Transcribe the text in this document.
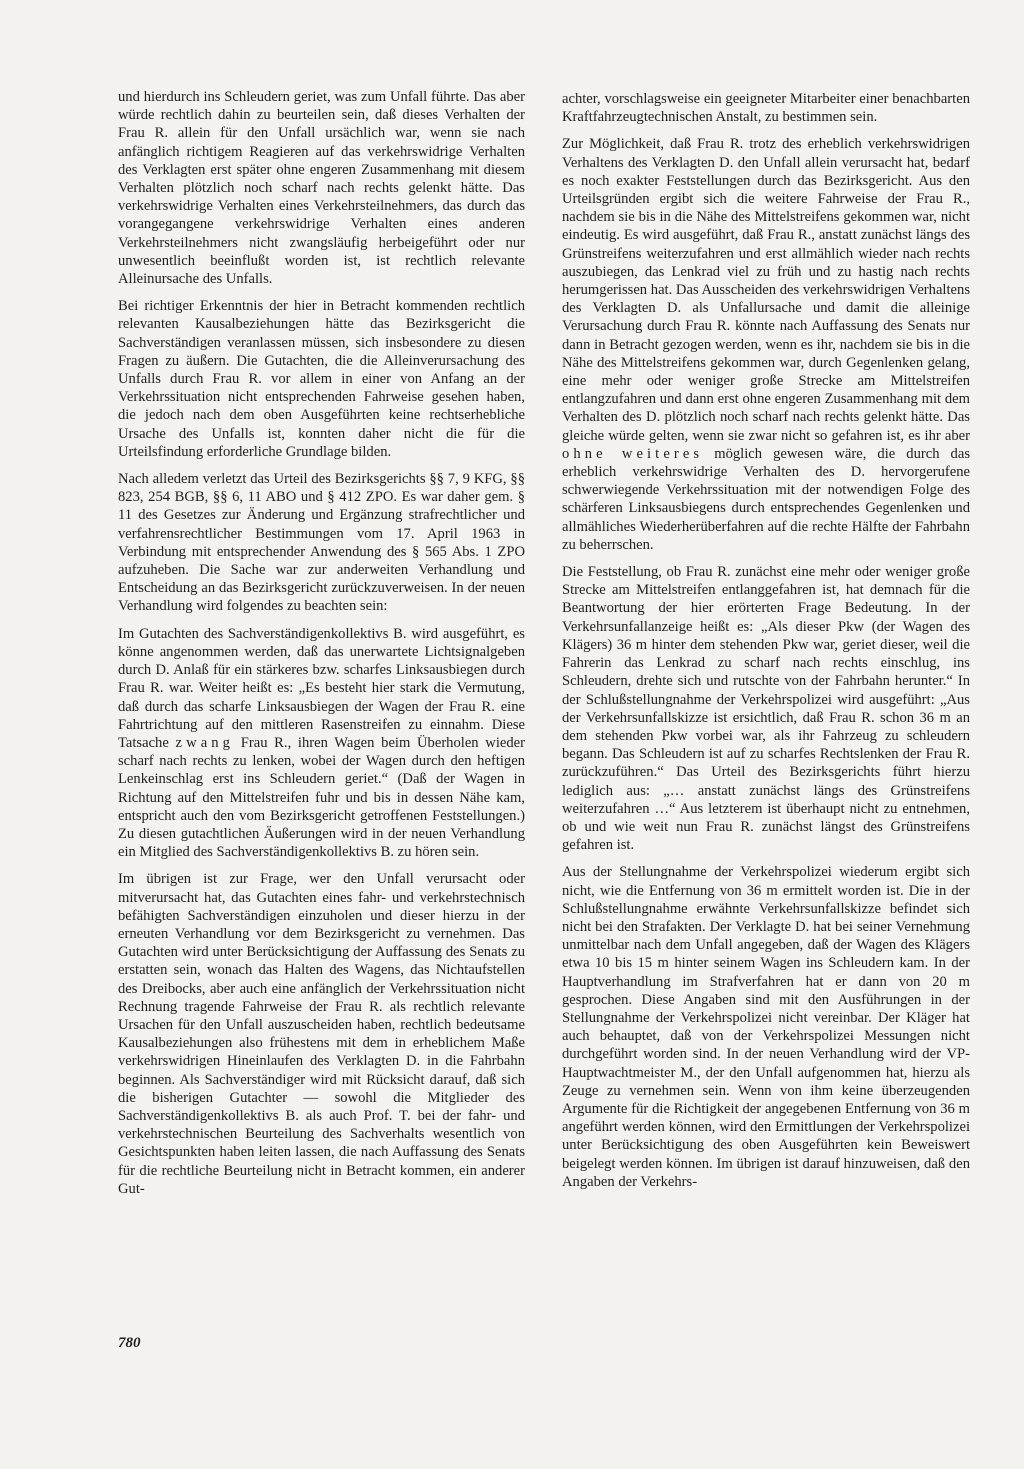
und hierdurch ins Schleudern geriet, was zum Unfall führte. Das aber würde rechtlich dahin zu beurteilen sein, daß dieses Verhalten der Frau R. allein für den Unfall ursächlich war, wenn sie nach anfänglich richtigem Reagieren auf das verkehrswidrige Verhalten des Verklagten erst später ohne engeren Zusammenhang mit diesem Verhalten plötzlich noch scharf nach rechts gelenkt hätte. Das verkehrswidrige Verhalten eines Verkehrsteilnehmers, das durch das vorangegangene verkehrswidrige Verhalten eines anderen Verkehrsteilnehmers nicht zwangsläufig herbeigeführt oder nur unwesentlich beeinflußt worden ist, ist rechtlich relevante Alleinursache des Unfalls.

Bei richtiger Erkenntnis der hier in Betracht kommenden rechtlich relevanten Kausalbeziehungen hätte das Bezirksgericht die Sachverständigen veranlassen müssen, sich insbesondere zu diesen Fragen zu äußern. Die Gutachten, die die Alleinverursachung des Unfalls durch Frau R. vor allem in einer von Anfang an der Verkehrssituation nicht entsprechenden Fahrweise gesehen haben, die jedoch nach dem oben Ausgeführten keine rechtserhebliche Ursache des Unfalls ist, konnten daher nicht die für die Urteilsfindung erforderliche Grundlage bilden.

Nach alledem verletzt das Urteil des Bezirksgerichts §§ 7, 9 KFG, §§ 823, 254 BGB, §§ 6, 11 ABO und § 412 ZPO. Es war daher gem. § 11 des Gesetzes zur Änderung und Ergänzung strafrechtlicher und verfahrensrechtlicher Bestimmungen vom 17. April 1963 in Verbindung mit entsprechender Anwendung des § 565 Abs. 1 ZPO aufzuheben. Die Sache war zur anderweiten Verhandlung und Entscheidung an das Bezirksgericht zurückzuverweisen. In der neuen Verhandlung wird folgendes zu beachten sein:

Im Gutachten des Sachverständigenkollektivs B. wird ausgeführt, es könne angenommen werden, daß das unerwartete Lichtsignalgeben durch D. Anlaß für ein stärkeres bzw. scharfes Linksausbiegen durch Frau R. war. Weiter heißt es: „Es besteht hier stark die Vermutung, daß durch das scharfe Linksausbiegen der Wagen der Frau R. eine Fahrtrichtung auf den mittleren Rasenstreifen zu einnahm. Diese Tatsache zwang Frau R., ihren Wagen beim Überholen wieder scharf nach rechts zu lenken, wobei der Wagen durch den heftigen Lenkeinschlag erst ins Schleudern geriet.“ (Daß der Wagen in Richtung auf den Mittelstreifen fuhr und bis in dessen Nähe kam, entspricht auch den vom Bezirksgericht getroffenen Feststellungen.) Zu diesen gutachtlichen Äußerungen wird in der neuen Verhandlung ein Mitglied des Sachverständigenkollektivs B. zu hören sein.

Im übrigen ist zur Frage, wer den Unfall verursacht oder mitverursacht hat, das Gutachten eines fahr- und verkehrstechnisch befähigten Sachverständigen einzuholen und dieser hierzu in der erneuten Verhandlung vor dem Bezirksgericht zu vernehmen. Das Gutachten wird unter Berücksichtigung der Auffassung des Senats zu erstatten sein, wonach das Halten des Wagens, das Nichtaufstellen des Dreibocks, aber auch eine anfänglich der Verkehrssituation nicht Rechnung tragende Fahrweise der Frau R. als rechtlich relevante Ursachen für den Unfall auszuscheiden haben, rechtlich bedeutsame Kausalbeziehungen also frühestens mit dem in erheblichem Maße verkehrswidrigen Hineinlaufen des Verklagten D. in die Fahrbahn beginnen. Als Sachverständiger wird mit Rücksicht darauf, daß sich die bisherigen Gutachter — sowohl die Mitglieder des Sachverständigenkollektivs B. als auch Prof. T. bei der fahr- und verkehrstechnischen Beurteilung des Sachverhalts wesentlich von Gesichtspunkten haben leiten lassen, die nach Auffassung des Senats für die rechtliche Beurteilung nicht in Betracht kommen, ein anderer Gut-

achter, vorschlagsweise ein geeigneter Mitarbeiter einer benachbarten Kraftfahrzeugtechnischen Anstalt, zu bestimmen sein.

Zur Möglichkeit, daß Frau R. trotz des erheblich verkehrswidrigen Verhaltens des Verklagten D. den Unfall allein verursacht hat, bedarf es noch exakter Feststellungen durch das Bezirksgericht. Aus den Urteilsgründen ergibt sich die weitere Fahrweise der Frau R., nachdem sie bis in die Nähe des Mittelstreifens gekommen war, nicht eindeutig. Es wird ausgeführt, daß Frau R., anstatt zunächst längs des Grünstreifens weiterzufahren und erst allmählich wieder nach rechts auszubiegen, das Lenkrad viel zu früh und zu hastig nach rechts herumgerissen hat. Das Ausscheiden des verkehrswidrigen Verhaltens des Verklagten D. als Unfallursache und damit die alleinige Verursachung durch Frau R. könnte nach Auffassung des Senats nur dann in Betracht gezogen werden, wenn es ihr, nachdem sie bis in die Nähe des Mittelstreifens gekommen war, durch Gegenlenken gelang, eine mehr oder weniger große Strecke am Mittelstreifen entlangzufahren und dann erst ohne engeren Zusammenhang mit dem Verhalten des D. plötzlich noch scharf nach rechts gelenkt hätte. Das gleiche würde gelten, wenn sie zwar nicht so gefahren ist, es ihr aber ohne weiteres möglich gewesen wäre, die durch das erheblich verkehrswidrige Verhalten des D. hervorgerufene schwerwiegende Verkehrssituation mit der notwendigen Folge des schärferen Linksausbiegens durch entsprechendes Gegenlenken und allmähliches Wiederherüberfahren auf die rechte Hälfte der Fahrbahn zu beherrschen.

Die Feststellung, ob Frau R. zunächst eine mehr oder weniger große Strecke am Mittelstreifen entlanggefahren ist, hat demnach für die Beantwortung der hier erörterten Frage Bedeutung. In der Verkehrsunfallanzeige heißt es: „Als dieser Pkw (der Wagen des Klägers) 36 m hinter dem stehenden Pkw war, geriet dieser, weil die Fahrerin das Lenkrad zu scharf nach rechts einschlug, ins Schleudern, drehte sich und rutschte von der Fahrbahn herunter.“ In der Schlußstellungnahme der Verkehrspolizei wird ausgeführt: „Aus der Verkehrsunfallskizze ist ersichtlich, daß Frau R. schon 36 m an dem stehenden Pkw vorbei war, als ihr Fahrzeug zu schleudern begann. Das Schleudern ist auf zu scharfes Rechtslenken der Frau R. zurückzuführen.“ Das Urteil des Bezirksgerichts führt hierzu lediglich aus: „… anstatt zunächst längs des Grünstreifens weiterzufahren …“ Aus letzterem ist überhaupt nicht zu entnehmen, ob und wie weit nun Frau R. zunächst längst des Grünstreifens gefahren ist.

Aus der Stellungnahme der Verkehrspolizei wiederum ergibt sich nicht, wie die Entfernung von 36 m ermittelt worden ist. Die in der Schlußstellungnahme erwähnte Verkehrsunfallskizze befindet sich nicht bei den Strafakten. Der Verklagte D. hat bei seiner Vernehmung unmittelbar nach dem Unfall angegeben, daß der Wagen des Klägers etwa 10 bis 15 m hinter seinem Wagen ins Schleudern kam. In der Hauptverhandlung im Strafverfahren hat er dann von 20 m gesprochen. Diese Angaben sind mit den Ausführungen in der Stellungnahme der Verkehrspolizei nicht vereinbar. Der Kläger hat auch behauptet, daß von der Verkehrspolizei Messungen nicht durchgeführt worden sind. In der neuen Verhandlung wird der VP-Hauptwachtmeister M., der den Unfall aufgenommen hat, hierzu als Zeuge zu vernehmen sein. Wenn von ihm keine überzeugenden Argumente für die Richtigkeit der angegebenen Entfernung von 36 m angeführt werden können, wird den Ermittlungen der Verkehrspolizei unter Berücksichtigung des oben Ausgeführten kein Beweiswert beigelegt werden können. Im übrigen ist darauf hinzuweisen, daß den Angaben der Verkehrs-

780
